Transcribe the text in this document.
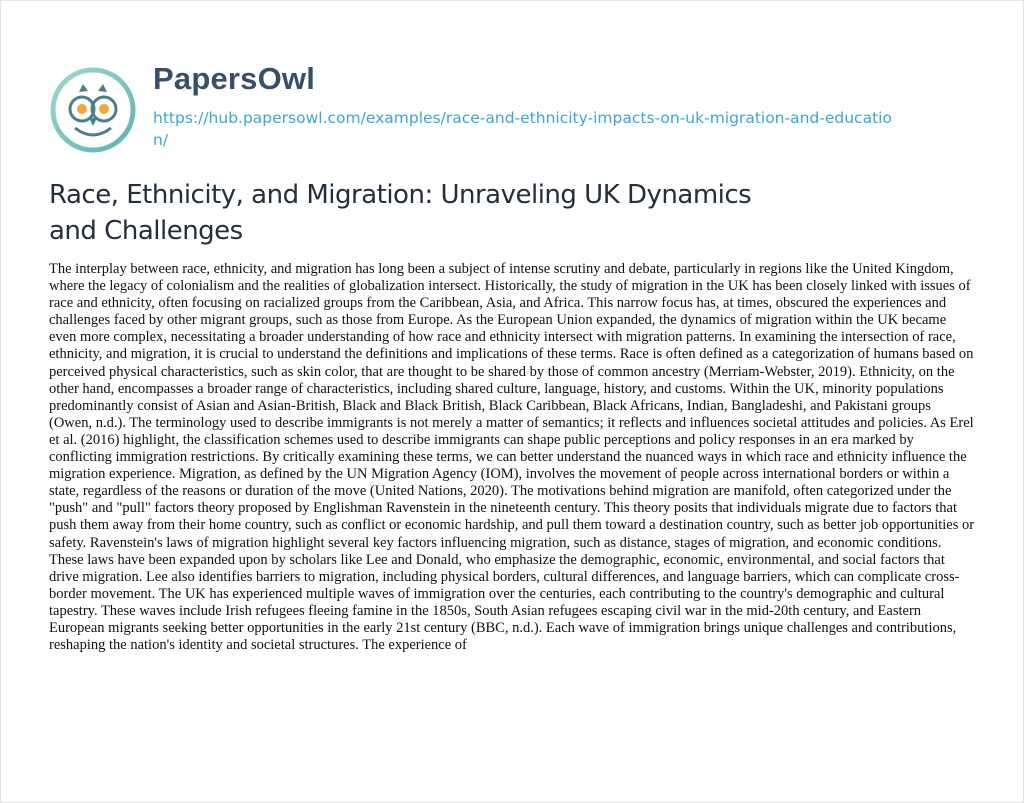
PapersOwl
https://hub.papersowl.com/examples/race-and-ethnicity-impacts-on-uk-migration-and-education/
Race, Ethnicity, and Migration: Unraveling UK Dynamics and Challenges

The interplay between race, ethnicity, and migration has long been a subject of intense scrutiny and debate, particularly in regions like the United Kingdom, where the legacy of colonialism and the realities of globalization intersect. Historically, the study of migration in the UK has been closely linked with issues of race and ethnicity, often focusing on racialized groups from the Caribbean, Asia, and Africa. This narrow focus has, at times, obscured the experiences and challenges faced by other migrant groups, such as those from Europe. As the European Union expanded, the dynamics of migration within the UK became even more complex, necessitating a broader understanding of how race and ethnicity intersect with migration patterns. In examining the intersection of race, ethnicity, and migration, it is crucial to understand the definitions and implications of these terms. Race is often defined as a categorization of humans based on perceived physical characteristics, such as skin color, that are thought to be shared by those of common ancestry (Merriam-Webster, 2019). Ethnicity, on the other hand, encompasses a broader range of characteristics, including shared culture, language, history, and customs. Within the UK, minority populations predominantly consist of Asian and Asian-British, Black and Black British, Black Caribbean, Black Africans, Indian, Bangladeshi, and Pakistani groups (Owen, n.d.). The terminology used to describe immigrants is not merely a matter of semantics; it reflects and influences societal attitudes and policies. As Erel et al. (2016) highlight, the classification schemes used to describe immigrants can shape public perceptions and policy responses in an era marked by conflicting immigration restrictions. By critically examining these terms, we can better understand the nuanced ways in which race and ethnicity influence the migration experience. Migration, as defined by the UN Migration Agency (IOM), involves the movement of people across international borders or within a state, regardless of the reasons or duration of the move (United Nations, 2020). The motivations behind migration are manifold, often categorized under the "push" and "pull" factors theory proposed by Englishman Ravenstein in the nineteenth century. This theory posits that individuals migrate due to factors that push them away from their home country, such as conflict or economic hardship, and pull them toward a destination country, such as better job opportunities or safety. Ravenstein's laws of migration highlight several key factors influencing migration, such as distance, stages of migration, and economic conditions. These laws have been expanded upon by scholars like Lee and Donald, who emphasize the demographic, economic, environmental, and social factors that drive migration. Lee also identifies barriers to migration, including physical borders, cultural differences, and language barriers, which can complicate cross-border movement. The UK has experienced multiple waves of immigration over the centuries, each contributing to the country's demographic and cultural tapestry. These waves include Irish refugees fleeing famine in the 1850s, South Asian refugees escaping civil war in the mid-20th century, and Eastern European migrants seeking better opportunities in the early 21st century (BBC, n.d.). Each wave of immigration brings unique challenges and contributions, reshaping the nation's identity and societal structures. The experience of
